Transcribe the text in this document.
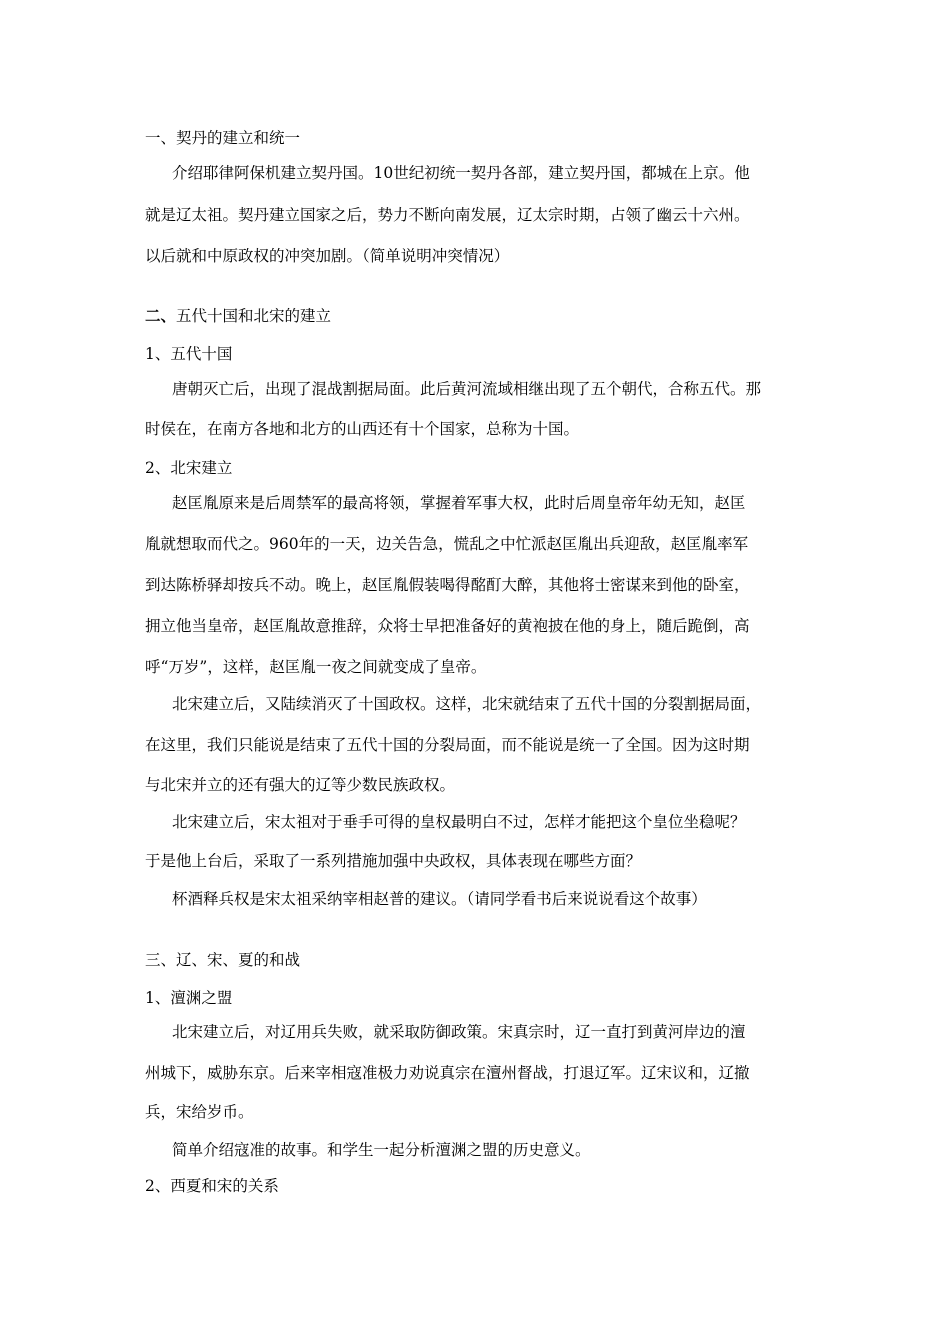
一、契丹的建立和统一
介绍耶律阿保机建立契丹国。10世纪初统一契丹各部，建立契丹国，都城在上京。他
就是辽太祖。契丹建立国家之后，势力不断向南发展，辽太宗时期，占领了幽云十六州。
以后就和中原政权的冲突加剧。（简单说明冲突情况）
二、五代十国和北宋的建立
1、五代十国
唐朝灭亡后，出现了混战割据局面。此后黄河流域相继出现了五个朝代，合称五代。那
时侯在，在南方各地和北方的山西还有十个国家，总称为十国。
2、北宋建立
赵匡胤原来是后周禁军的最高将领，掌握着军事大权，此时后周皇帝年幼无知，赵匡
胤就想取而代之。960年的一天，边关告急，慌乱之中忙派赵匡胤出兵迎敌，赵匡胤率军
到达陈桥驿却按兵不动。晚上，赵匡胤假装喝得酩酊大醉，其他将士密谋来到他的卧室，
拥立他当皇帝，赵匡胤故意推辞，众将士早把准备好的黄袍披在他的身上，随后跪倒，高
呼“万岁”，这样，赵匡胤一夜之间就变成了皇帝。
北宋建立后，又陆续消灭了十国政权。这样，北宋就结束了五代十国的分裂割据局面，
在这里，我们只能说是结束了五代十国的分裂局面，而不能说是统一了全国。因为这时期
与北宋并立的还有强大的辽等少数民族政权。
北宋建立后，宋太祖对于垂手可得的皇权最明白不过，怎样才能把这个皇位坐稳呢？
于是他上台后，采取了一系列措施加强中央政权，具体表现在哪些方面？
杯酒释兵权是宋太祖采纳宰相赵普的建议。（请同学看书后来说说看这个故事）
三、辽、宋、夏的和战
1、澶渊之盟
北宋建立后，对辽用兵失败，就采取防御政策。宋真宗时，辽一直打到黄河岸边的澶
州城下，威胁东京。后来宰相寇准极力劝说真宗在澶州督战，打退辽军。辽宋议和，辽撤
兵，宋给岁币。
简单介绍寇准的故事。和学生一起分析澶渊之盟的历史意义。
2、西夏和宋的关系
